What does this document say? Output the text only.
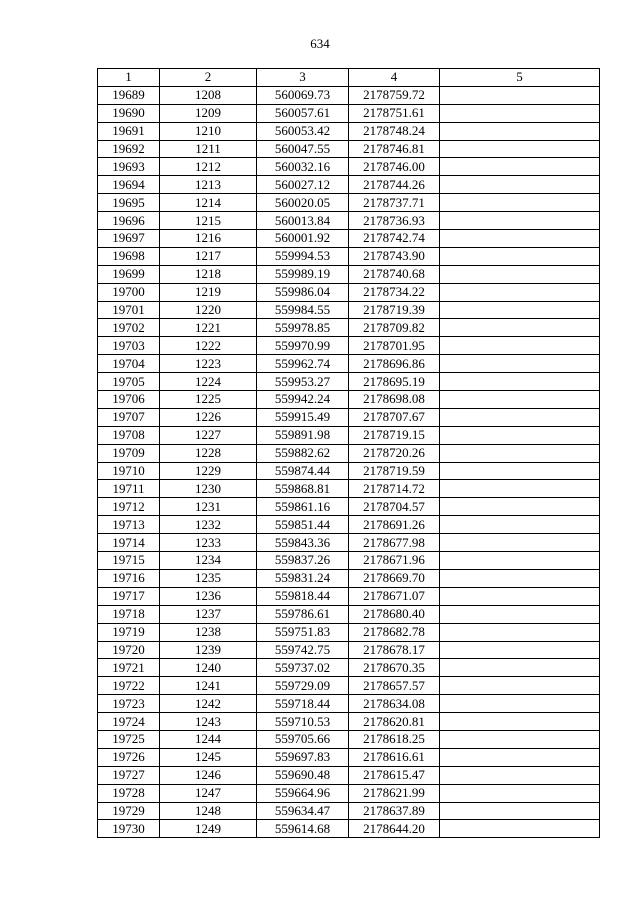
634
1	2	3	4	5
19689	1208	560069.73	2178759.72	
19690	1209	560057.61	2178751.61	
19691	1210	560053.42	2178748.24	
19692	1211	560047.55	2178746.81	
19693	1212	560032.16	2178746.00	
19694	1213	560027.12	2178744.26	
19695	1214	560020.05	2178737.71	
19696	1215	560013.84	2178736.93	
19697	1216	560001.92	2178742.74	
19698	1217	559994.53	2178743.90	
19699	1218	559989.19	2178740.68	
19700	1219	559986.04	2178734.22	
19701	1220	559984.55	2178719.39	
19702	1221	559978.85	2178709.82	
19703	1222	559970.99	2178701.95	
19704	1223	559962.74	2178696.86	
19705	1224	559953.27	2178695.19	
19706	1225	559942.24	2178698.08	
19707	1226	559915.49	2178707.67	
19708	1227	559891.98	2178719.15	
19709	1228	559882.62	2178720.26	
19710	1229	559874.44	2178719.59	
19711	1230	559868.81	2178714.72	
19712	1231	559861.16	2178704.57	
19713	1232	559851.44	2178691.26	
19714	1233	559843.36	2178677.98	
19715	1234	559837.26	2178671.96	
19716	1235	559831.24	2178669.70	
19717	1236	559818.44	2178671.07	
19718	1237	559786.61	2178680.40	
19719	1238	559751.83	2178682.78	
19720	1239	559742.75	2178678.17	
19721	1240	559737.02	2178670.35	
19722	1241	559729.09	2178657.57	
19723	1242	559718.44	2178634.08	
19724	1243	559710.53	2178620.81	
19725	1244	559705.66	2178618.25	
19726	1245	559697.83	2178616.61	
19727	1246	559690.48	2178615.47	
19728	1247	559664.96	2178621.99	
19729	1248	559634.47	2178637.89	
19730	1249	559614.68	2178644.20	
